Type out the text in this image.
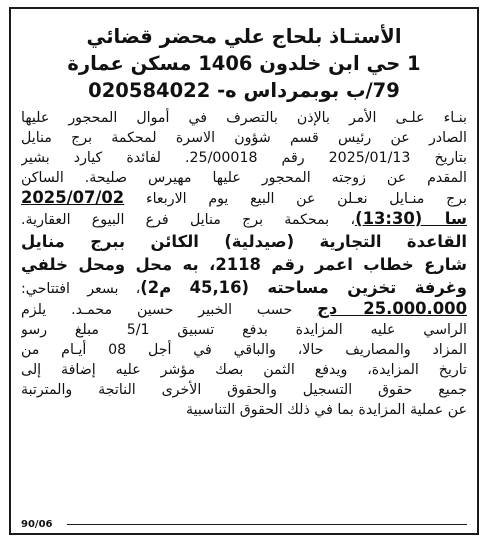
الأستـاذ بلحاج علي محضر قضائي
1 حي ابن خلدون 1406 مسكن عمارة
79/ب بوبمرداس ه- 020584022
بنـاء علـى الأمر بالإذن بالتصرف في أموال المحجور عليها
الصادر عن رئيس قسم شؤون الاسرة لمحكمة برج منايل
بتاريخ 2025/01/13 رقم 25/00018. لفائدة كيارد بشير
المقدم عن زوجته المحجور عليها مهيرس صليحة. الساكن
برج منـايل نعـلن عن البيع يوم الاربعاء 2025/07/02
سا (13:30)، بمحكمة برج منايل فرع البيوع العقارية.
القاعدة التجارية (صيدلية) الكائن ببرج منايل
شارع خطاب اعمر رقم 2118، به محل ومحل خلفي
وغرفة تخزين مساحته (45,16 م2)، بسعر افتتاحي:
25.000.000 دج حسب الخبير حسين محمـد. يلزم
الراسي عليه المزايدة بدفع تسبيق 5/1 مبلغ رسو
المزاد والمصاريف حالا، والباقي في أجل 08 أيـام من
تاريخ المزايدة، ويدفع الثمن بصك مؤشر عليه إضافة إلى
جميع حقوق التسجيل والحقوق الأخرى الناتجة والمترتبة
عن عملية المزايدة بما في ذلك الحقوق التناسبية
90/06
